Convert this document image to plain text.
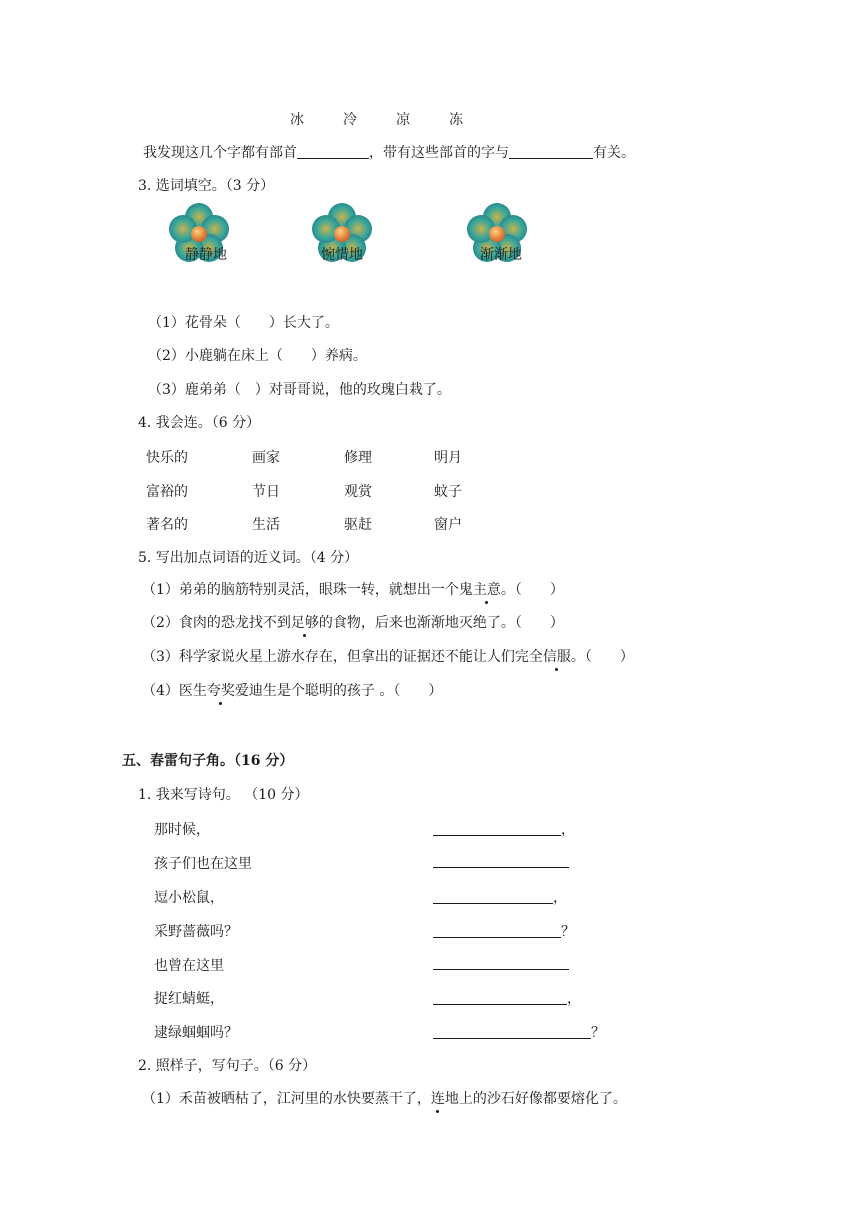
冰	冷	凉	冻
我发现这几个字都有部首	，带有这些部首的字与	有关。
3. 选词填空。（3 分）
静静地	惋惜地	渐渐地
（1）花骨朵（　　）长大了。
（2）小鹿躺在床上（　　）养病。
（3）鹿弟弟（　）对哥哥说，他的玫瑰白栽了。
4. 我会连。（6 分）
快乐的	画家	修理	明月
富裕的	节日	观赏	蚊子
著名的	生活	驱赶	窗户
5. 写出加点词语的近义词。（4 分）
（1）弟弟的脑筋特别灵活，眼珠一转，就想出一个鬼主意。（　　）
（2）食肉的恐龙找不到足够的食物，后来也渐渐地灭绝了。（　　）
（3）科学家说火星上游水存在，但拿出的证据还不能让人们完全信服。（　　）
（4）医生夸奖爱迪生是个聪明的孩子 。（　　）
五、春雷句子角。（16 分）
1. 我来写诗句。 （10 分）
那时候，	，
孩子们也在这里
逗小松鼠，	，
采野蔷薇吗？	？
也曾在这里
捉红蜻蜓，	，
逮绿蝈蝈吗？	？
2. 照样子，写句子。（6 分）
（1）禾苗被晒枯了，江河里的水快要蒸干了，连地上的沙石好像都要熔化了。
